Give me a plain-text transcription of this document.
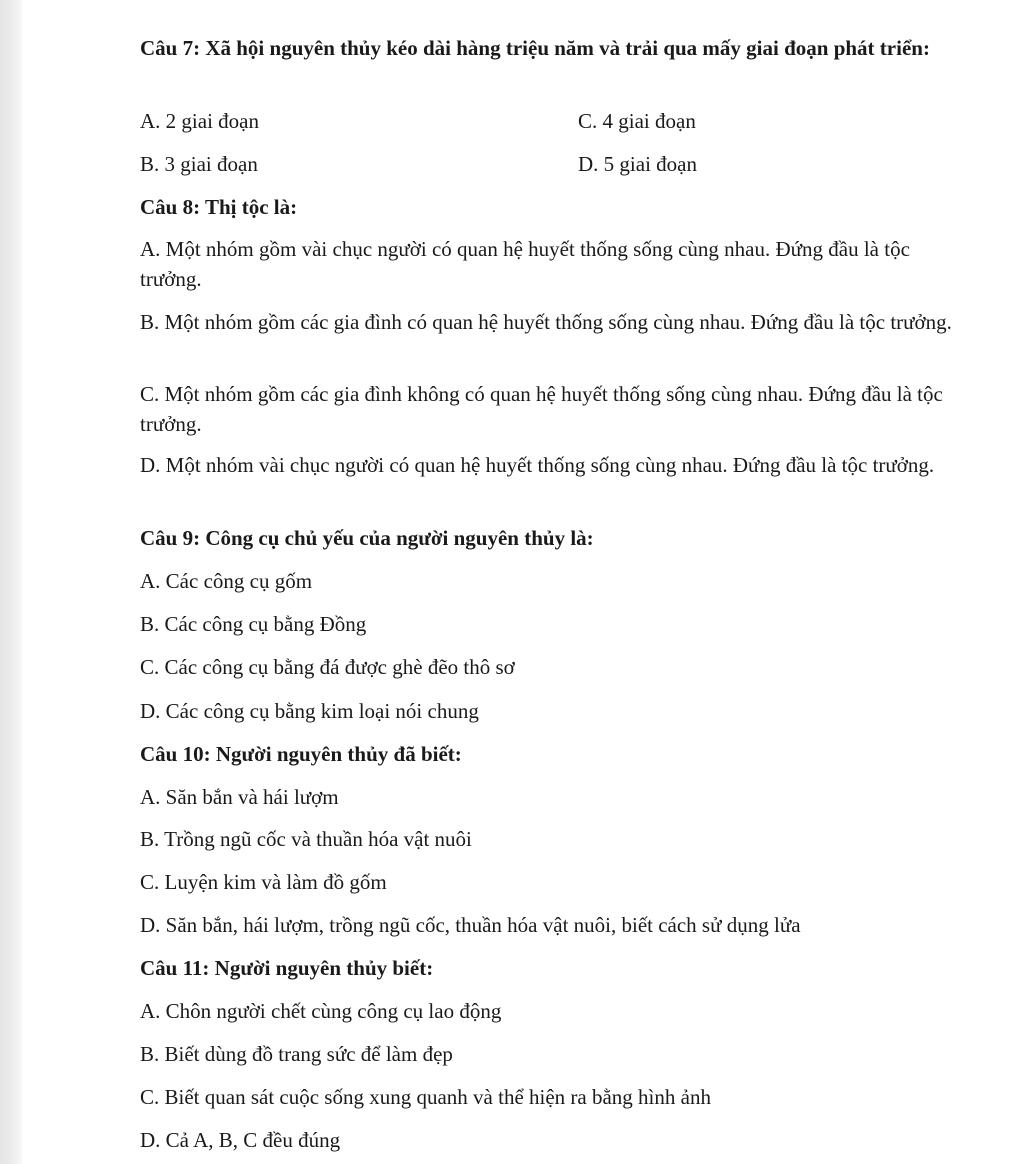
Câu 7: Xã hội nguyên thủy kéo dài hàng triệu năm và trải qua mấy giai đoạn phát triển:
A. 2 giai đoạn	C. 4 giai đoạn
B. 3 giai đoạn	D. 5 giai đoạn
Câu 8: Thị tộc là:
A. Một nhóm gồm vài chục người có quan hệ huyết thống sống cùng nhau. Đứng đầu là tộc trưởng.
B. Một nhóm gồm các gia đình có quan hệ huyết thống sống cùng nhau. Đứng đầu là tộc trưởng.
C. Một nhóm gồm các gia đình không có quan hệ huyết thống sống cùng nhau. Đứng đầu là tộc trưởng.
D. Một nhóm vài chục người có quan hệ huyết thống sống cùng nhau. Đứng đầu là tộc trưởng.
Câu 9: Công cụ chủ yếu của người nguyên thủy là:
A. Các công cụ gốm
B. Các công cụ bằng Đồng
C. Các công cụ bằng đá được ghè đẽo thô sơ
D. Các công cụ bằng kim loại nói chung
Câu 10: Người nguyên thủy đã biết:
A. Săn bắn và hái lượm
B. Trồng ngũ cốc và thuần hóa vật nuôi
C. Luyện kim và làm đồ gốm
D. Săn bắn, hái lượm, trồng ngũ cốc, thuần hóa vật nuôi, biết cách sử dụng lửa
Câu 11: Người nguyên thủy biết:
A. Chôn người chết cùng công cụ lao động
B. Biết dùng đồ trang sức để làm đẹp
C. Biết quan sát cuộc sống xung quanh và thể hiện ra bằng hình ảnh
D. Cả A, B, C đều đúng
